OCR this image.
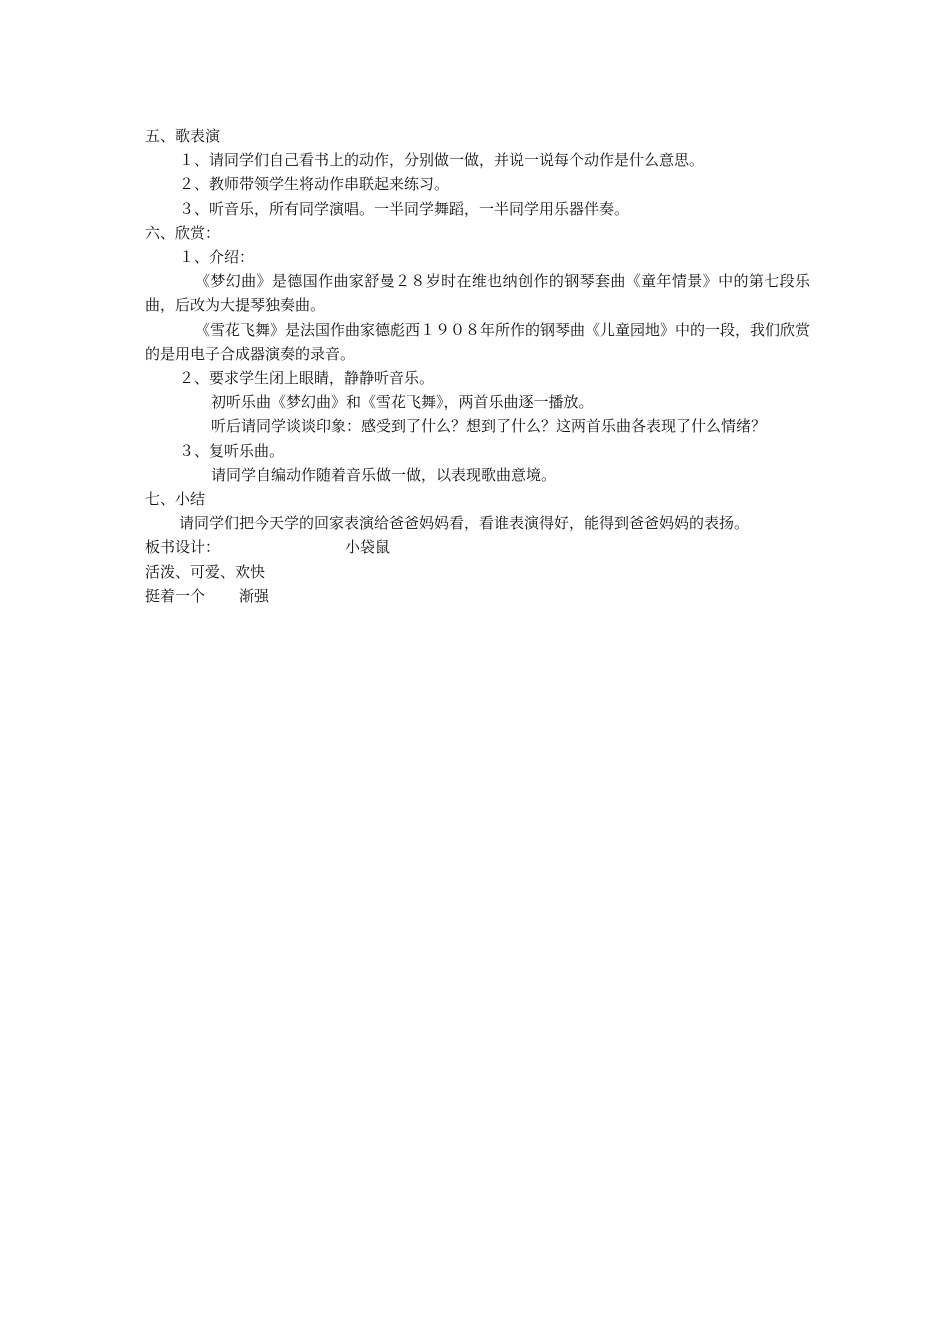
五、歌表演

１、请同学们自己看书上的动作，分别做一做，并说一说每个动作是什么意思。

２、教师带领学生将动作串联起来练习。

３、听音乐，所有同学演唱。一半同学舞蹈，一半同学用乐器伴奏。

六、欣赏：

１、介绍：

《梦幻曲》是德国作曲家舒曼２８岁时在维也纳创作的钢琴套曲《童年情景》中的第七段乐曲，后改为大提琴独奏曲。

《雪花飞舞》是法国作曲家德彪西１９０８年所作的钢琴曲《儿童园地》中的一段，我们欣赏的是用电子合成器演奏的录音。

２、要求学生闭上眼睛，静静听音乐。

初听乐曲《梦幻曲》和《雪花飞舞》，两首乐曲逐一播放。

听后请同学谈谈印象：感受到了什么？想到了什么？这两首乐曲各表现了什么情绪？

３、复听乐曲。

请同学自编动作随着音乐做一做，以表现歌曲意境。

七、小结

请同学们把今天学的回家表演给爸爸妈妈看，看谁表演得好，能得到爸爸妈妈的表扬。

板书设计：	小袋鼠

活泼、可爱、欢快

挺着一个 渐强
